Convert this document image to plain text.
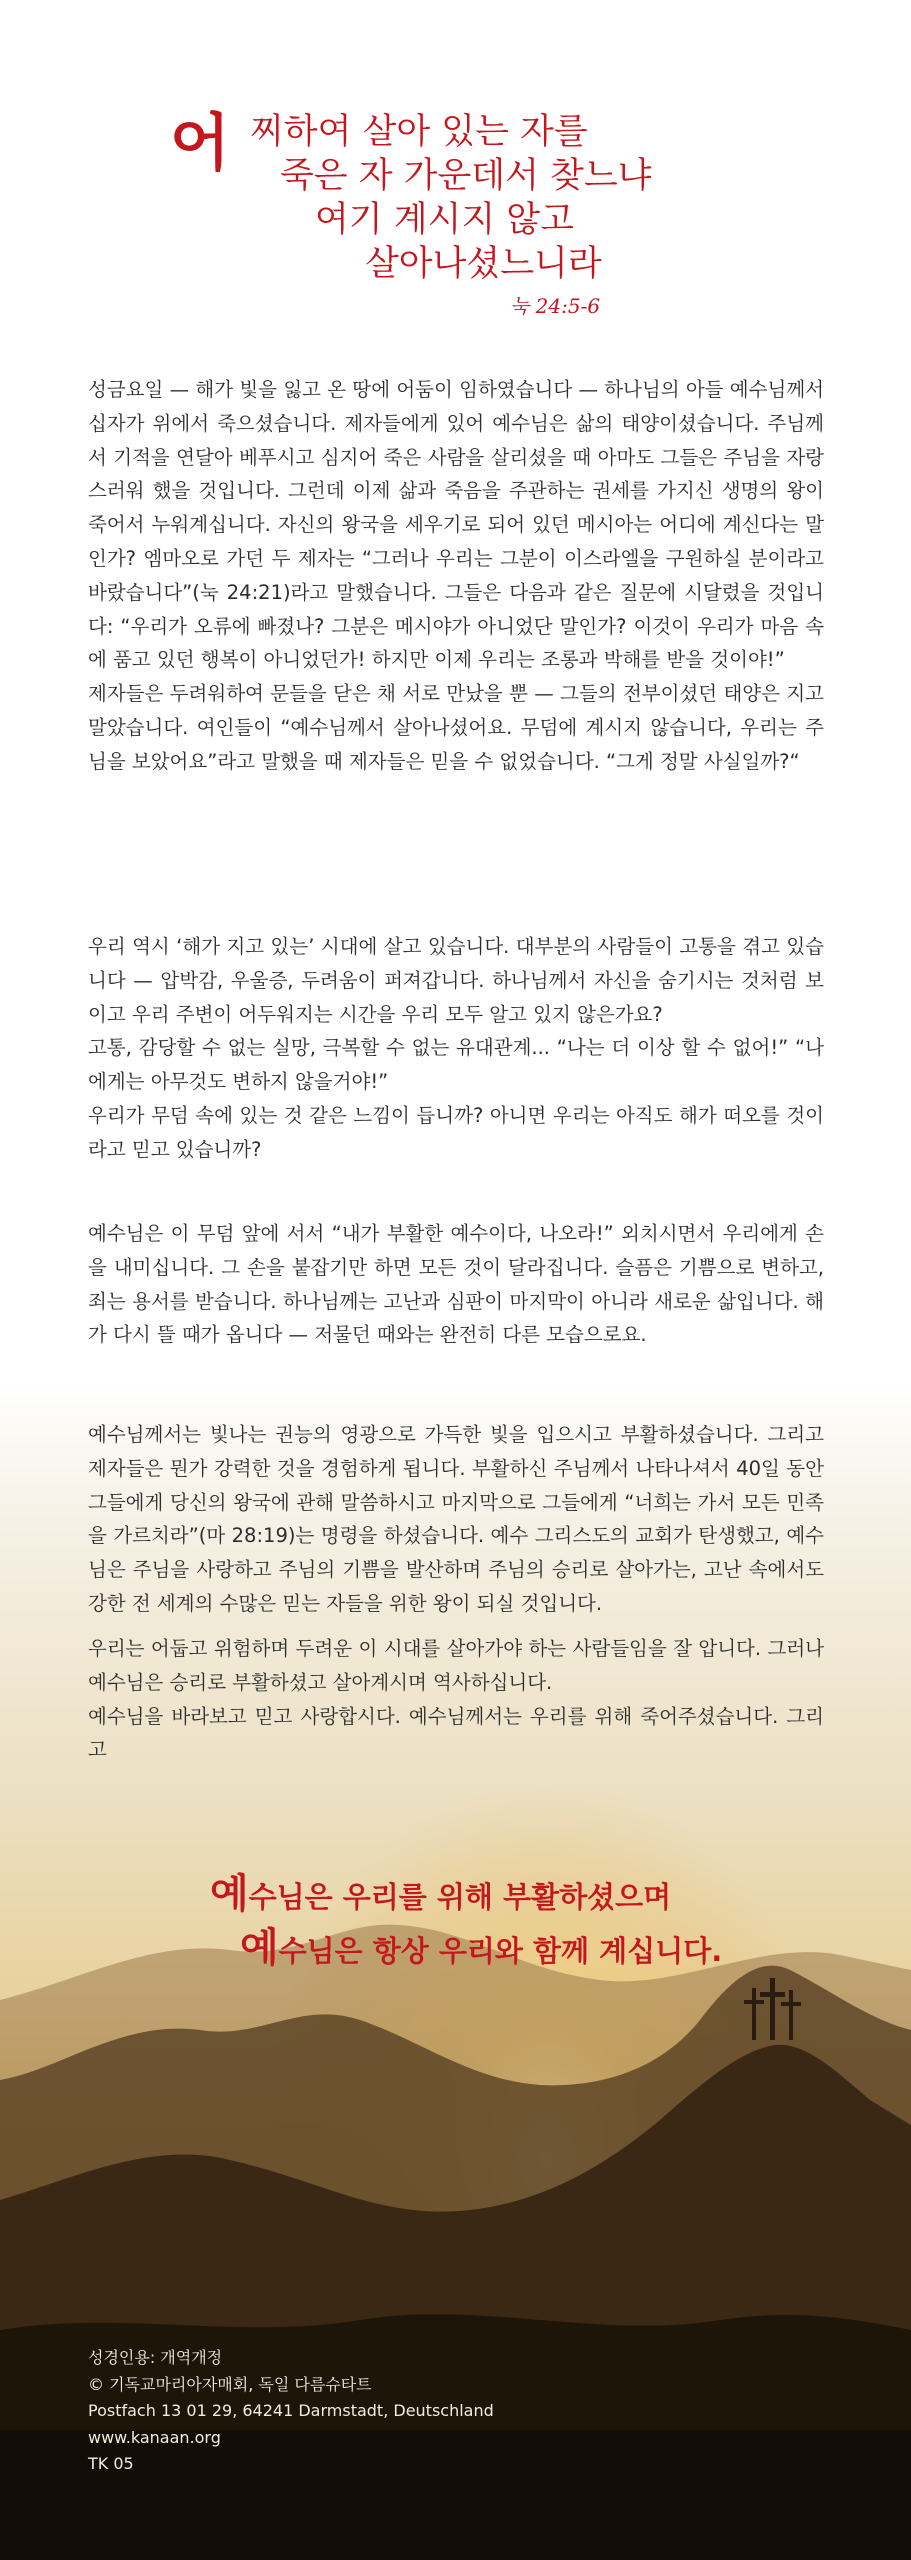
어 찌하여 살아 있는 자를
죽은 자 가운데서 찾느냐
여기 계시지 않고
살아나셨느니라
눅 24:5-6
성금요일 — 해가 빛을 잃고 온 땅에 어둠이 임하였습니다 — 하나님의 아들 예수님께서 십자가 위에서 죽으셨습니다. 제자들에게 있어 예수님은 삶의 태양이셨습니다. 주님께서 기적을 연달아 베푸시고 심지어 죽은 사람을 살리셨을 때 아마도 그들은 주님을 자랑스러워 했을 것입니다. 그런데 이제 삶과 죽음을 주관하는 권세를 가지신 생명의 왕이 죽어서 누워계십니다. 자신의 왕국을 세우기로 되어 있던 메시아는 어디에 계신다는 말인가? 엠마오로 가던 두 제자는 “그러나 우리는 그분이 이스라엘을 구원하실 분이라고 바랐습니다”(눅 24:21)라고 말했습니다. 그들은 다음과 같은 질문에 시달렸을 것입니다: “우리가 오류에 빠졌나? 그분은 메시야가 아니었단 말인가? 이것이 우리가 마음 속에 품고 있던 행복이 아니었던가! 하지만 이제 우리는 조롱과 박해를 받을 것이야!”
제자들은 두려워하여 문들을 닫은 채 서로 만났을 뿐 — 그들의 전부이셨던 태양은 지고 말았습니다. 여인들이 “예수님께서 살아나셨어요. 무덤에 계시지 않습니다, 우리는 주님을 보았어요”라고 말했을 때 제자들은 믿을 수 없었습니다. “그게 정말 사실일까?“
우리 역시 ‘해가 지고 있는’ 시대에 살고 있습니다. 대부분의 사람들이 고통을 겪고 있습니다 — 압박감, 우울증, 두려움이 퍼져갑니다. 하나님께서 자신을 숨기시는 것처럼 보이고 우리 주변이 어두워지는 시간을 우리 모두 알고 있지 않은가요?
고통, 감당할 수 없는 실망, 극복할 수 없는 유대관계... “나는 더 이상 할 수 없어!” “나에게는 아무것도 변하지 않을거야!”
우리가 무덤 속에 있는 것 같은 느낌이 듭니까? 아니면 우리는 아직도 해가 떠오를 것이라고 믿고 있습니까?
예수님은 이 무덤 앞에 서서 “내가 부활한 예수이다, 나오라!” 외치시면서 우리에게 손을 내미십니다. 그 손을 붙잡기만 하면 모든 것이 달라집니다. 슬픔은 기쁨으로 변하고, 죄는 용서를 받습니다. 하나님께는 고난과 심판이 마지막이 아니라 새로운 삶입니다. 해가 다시 뜰 때가 옵니다 — 저물던 때와는 완전히 다른 모습으로요.
예수님께서는 빛나는 권능의 영광으로 가득한 빛을 입으시고 부활하셨습니다. 그리고 제자들은 뭔가 강력한 것을 경험하게 됩니다. 부활하신 주님께서 나타나셔서 40일 동안 그들에게 당신의 왕국에 관해 말씀하시고 마지막으로 그들에게 “너희는 가서 모든 민족을 가르치라”(마 28:19)는 명령을 하셨습니다. 예수 그리스도의 교회가 탄생했고, 예수님은 주님을 사랑하고 주님의 기쁨을 발산하며 주님의 승리로 살아가는, 고난 속에서도 강한 전 세계의 수많은 믿는 자들을 위한 왕이 되실 것입니다.
우리는 어둡고 위험하며 두려운 이 시대를 살아가야 하는 사람들임을 잘 압니다. 그러나 예수님은 승리로 부활하셨고 살아계시며 역사하십니다.
예수님을 바라보고 믿고 사랑합시다. 예수님께서는 우리를 위해 죽어주셨습니다. 그리고
예수님은 우리를 위해 부활하셨으며
예수님은 항상 우리와 함께 계십니다.
성경인용: 개역개정
© 기독교마리아자매회, 독일 다름슈타트
Postfach 13 01 29, 64241 Darmstadt, Deutschland
www.kanaan.org
TK 05
